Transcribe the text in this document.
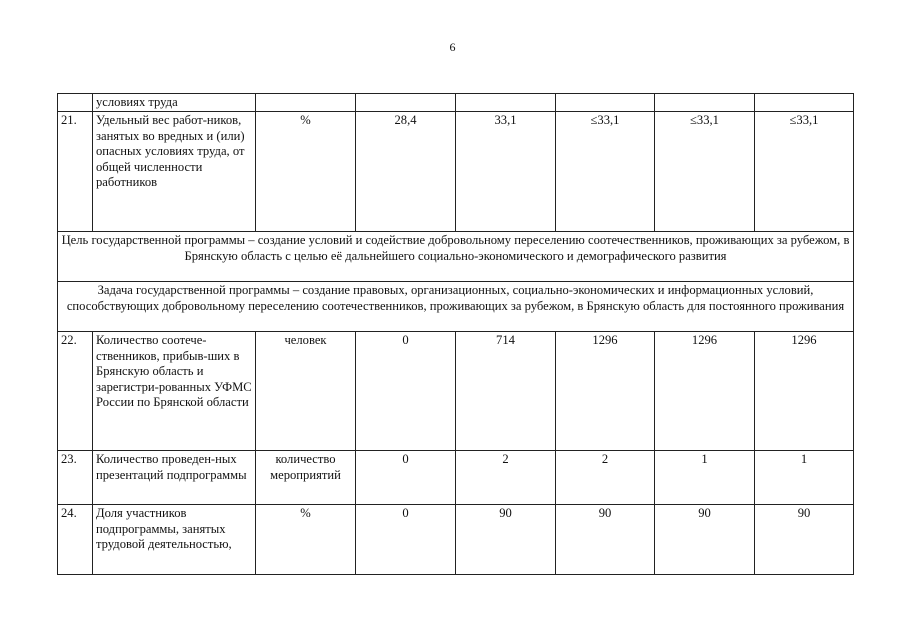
6
	условиях труда						
21.	Удельный вес работ-ников, занятых во вредных и (или) опасных условиях труда, от общей численности работников	%	28,4	33,1	≤33,1	≤33,1	≤33,1
Цель государственной программы – создание условий и содействие добровольному переселению соотечественников, проживающих за рубежом, в Брянскую область с целью её дальнейшего социально-экономического и демографического развития							
Задача государственной программы – создание правовых, организационных, социально-экономических и информационных условий, способствующих добровольному переселению соотечественников, проживающих за рубежом, в Брянскую область для постоянного проживания							
22.	Количество соотече-ственников, прибыв-ших в Брянскую область и зарегистри-рованных УФМС России по Брянской области	человек	0	714	1296	1296	1296
23.	Количество проведен-ных презентаций подпрограммы	количество мероприятий	0	2	2	1	1
24.	Доля участников подпрограммы, занятых трудовой деятельностью,	%	0	90	90	90	90
